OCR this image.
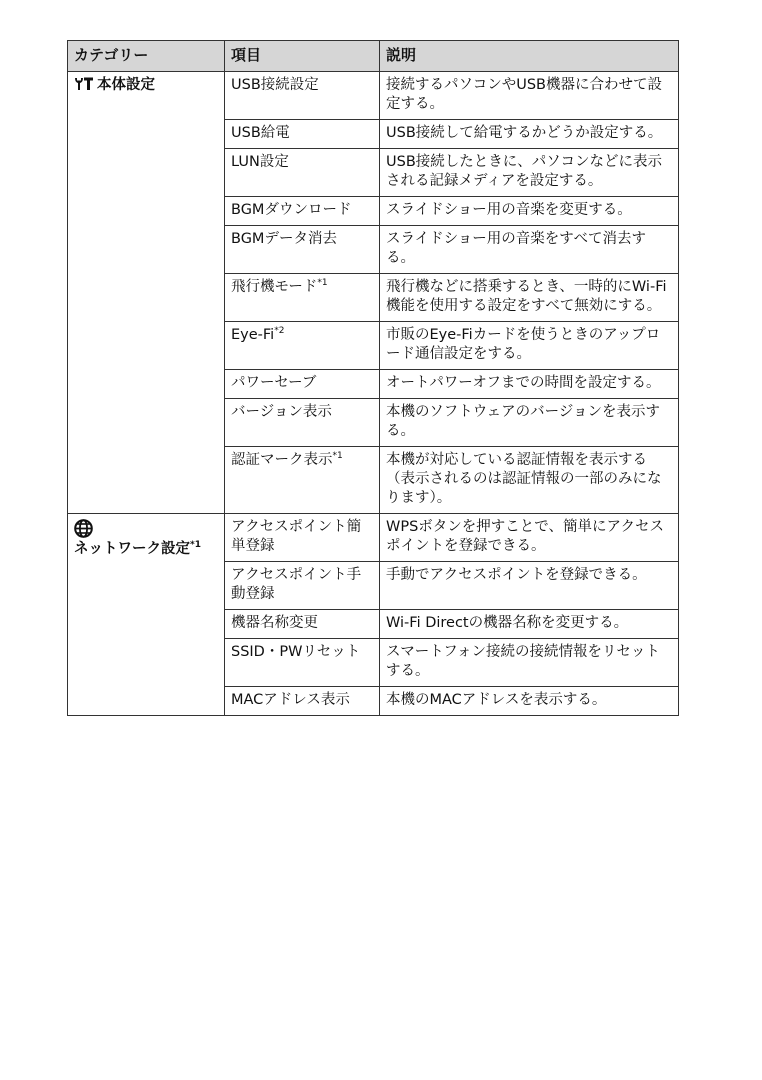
カテゴリー	項目	説明
本体設定	USB接続設定	接続するパソコンやUSB機器に合わせて設定する。
	USB給電	USB接続して給電するかどうか設定する。
	LUN設定	USB接続したときに、パソコンなどに表示される記録メディアを設定する。
	BGMダウンロード	スライドショー用の音楽を変更する。
	BGMデータ消去	スライドショー用の音楽をすべて消去する。
	飛行機モード$^{*1}$	飛行機などに搭乗するとき、一時的にWi-Fi機能を使用する設定をすべて無効にする。
	Eye-Fi$^{*2}$	市販のEye-Fiカードを使うときのアップロード通信設定をする。
	パワーセーブ	オートパワーオフまでの時間を設定する。
	バージョン表示	本機のソフトウェアのバージョンを表示する。
	認証マーク表示$^{*1}$	本機が対応している認証情報を表示する（表示されるのは認証情報の一部のみになります）。

ネットワーク設定$^{*1}$	アクセスポイント簡単登録	WPSボタンを押すことで、簡単にアクセスポイントを登録できる。
	アクセスポイント手動登録	手動でアクセスポイントを登録できる。
	機器名称変更	Wi-Fi Directの機器名称を変更する。
	SSID・PWリセット	スマートフォン接続の接続情報をリセットする。
	MACアドレス表示	本機のMACアドレスを表示する。
